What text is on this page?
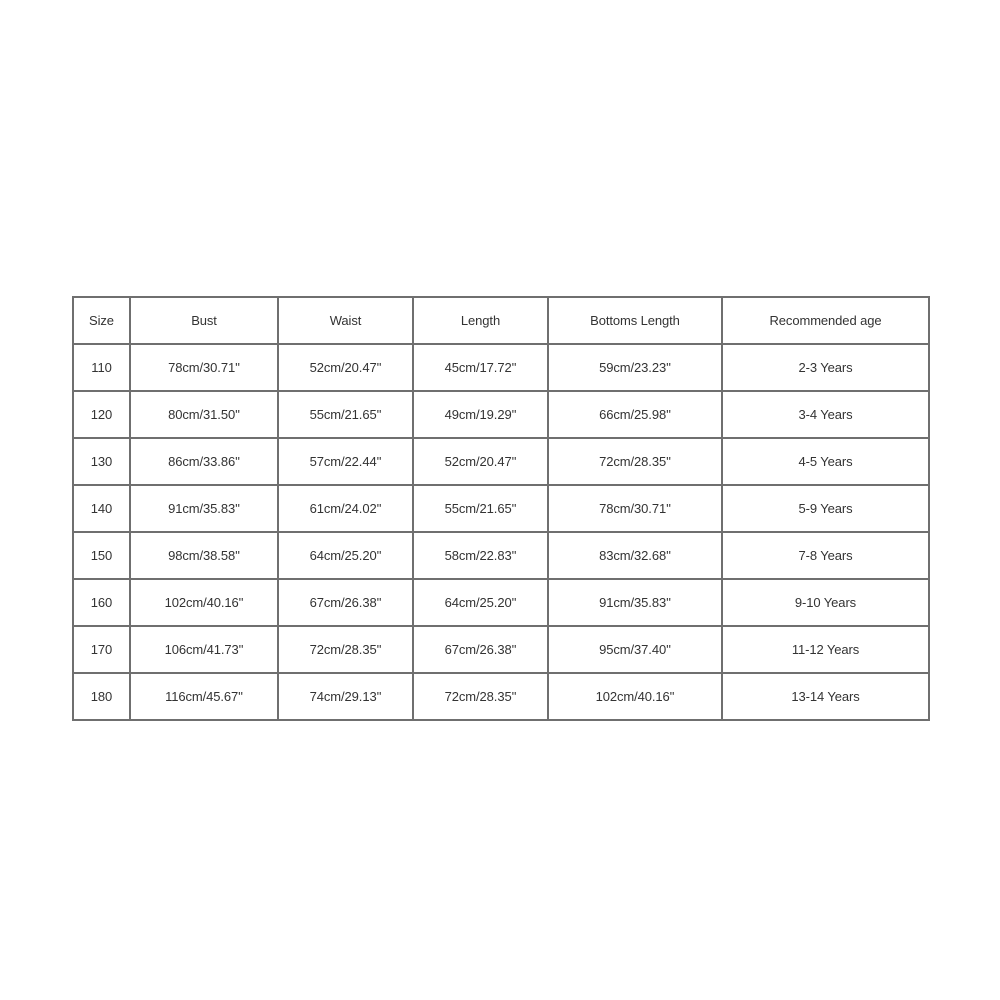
Size	Bust	Waist	Length	Bottoms Length	Recommended age
110	78cm/30.71''	52cm/20.47''	45cm/17.72''	59cm/23.23''	2-3 Years
120	80cm/31.50''	55cm/21.65''	49cm/19.29''	66cm/25.98''	3-4 Years
130	86cm/33.86''	57cm/22.44''	52cm/20.47''	72cm/28.35''	4-5 Years
140	91cm/35.83''	61cm/24.02''	55cm/21.65''	78cm/30.71''	5-9 Years
150	98cm/38.58''	64cm/25.20''	58cm/22.83''	83cm/32.68''	7-8 Years
160	102cm/40.16''	67cm/26.38''	64cm/25.20''	91cm/35.83''	9-10 Years
170	106cm/41.73''	72cm/28.35''	67cm/26.38''	95cm/37.40''	11-12 Years
180	116cm/45.67''	74cm/29.13''	72cm/28.35''	102cm/40.16''	13-14 Years
